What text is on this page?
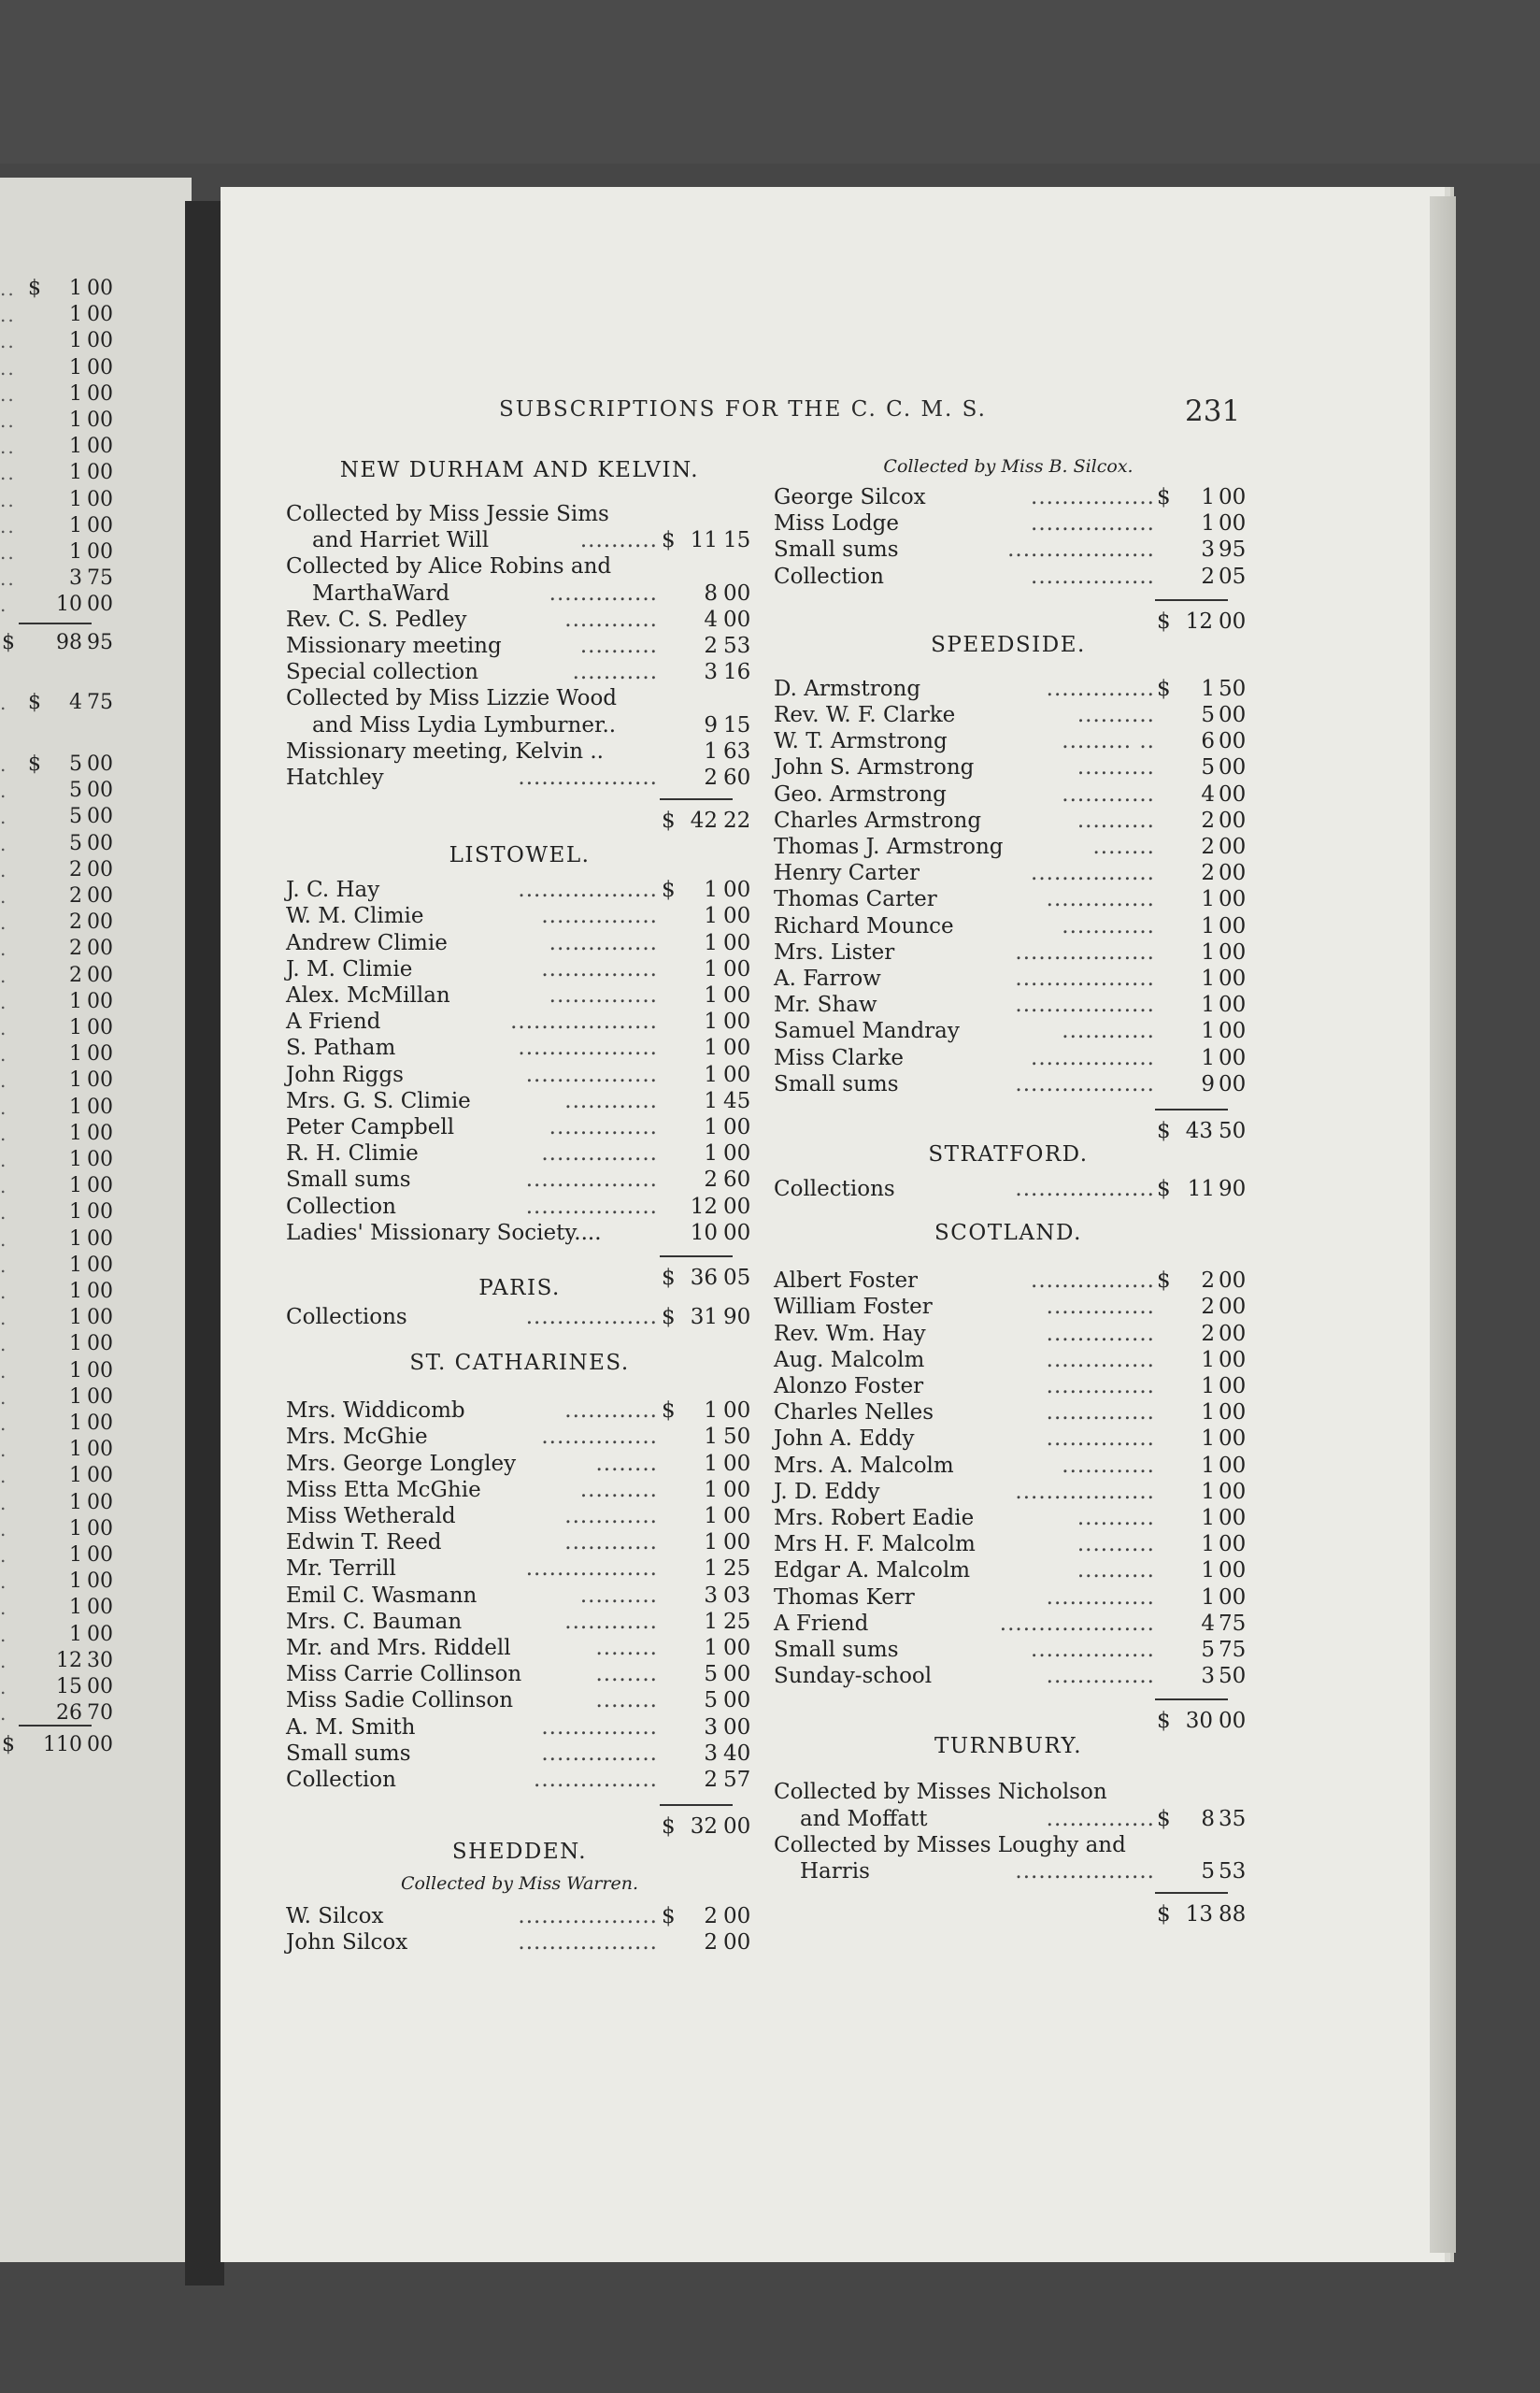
.. $ 1 00
..	1 00
..	1 00
..	1 00
..	1 00
..	1 00
..	1 00
..	1 00
..	1 00
..	1 00
..	1 00
..	3 75
. 10 00
$ 98 95
. $ 4 75
. $ 5 00
.	5 00
.	5 00
.	5 00
.	2 00
.	2 00
.	2 00
.	2 00
.	2 00
.	1 00
.	1 00
.	1 00
.	1 00
.	1 00
.	1 00
.	1 00
.	1 00
.	1 00
.	1 00
.	1 00
.	1 00
.	1 00
.	1 00
.	1 00
.	1 00
.	1 00
.	1 00
.	1 00
.	1 00
.	1 00
.	1 00
.	1 00
.	1 00
.	1 00
. 12 30
. 15 00
. 26 70
$ 110 00
SUBSCRIPTIONS FOR THE C. C. M. S.	231
NEW DURHAM AND KELVIN.
Collected by Miss Jessie Sims
and Harriet Will	.......... $ 11 15
Collected by Alice Robins and
MarthaWard	.............. 8 00
Rev. C. S. Pedley	............ 4 00
Missionary meeting	.......... 2 53
Special collection	........... 3 16
Collected by Miss Lizzie Wood
and Miss Lydia Lymburner..	9 15
Missionary meeting, Kelvin ..	1 63
Hatchley	.................. 2 60
$ 42 22
LISTOWEL.
J. C. Hay	.................. $ 1 00
W. M. Climie	............... 1 00
Andrew Climie	.............. 1 00
J. M. Climie	............... 1 00
Alex. McMillan	.............. 1 00
A Friend	................... 1 00
S. Patham	.................. 1 00
John Riggs	................. 1 00
Mrs. G. S. Climie	............ 1 45
Peter Campbell	.............. 1 00
R. H. Climie	............... 1 00
Small sums	................. 2 60
Collection	................. 12 00
Ladies' Missionary Society....	10 00
$ 36 05
PARIS.
Collections	................. $ 31 90
ST. CATHARINES.
Mrs. Widdicomb	............ $ 1 00
Mrs. McGhie	............... 1 50
Mrs. George Longley	........ 1 00
Miss Etta McGhie	.......... 1 00
Miss Wetherald	............ 1 00
Edwin T. Reed	............ 1 00
Mr. Terrill	................. 1 25
Emil C. Wasmann	.......... 3 03
Mrs. C. Bauman	............ 1 25
Mr. and Mrs. Riddell	........ 1 00
Miss Carrie Collinson	........ 5 00
Miss Sadie Collinson	........ 5 00
A. M. Smith	............... 3 00
Small sums	............... 3 40
Collection	................ 2 57
$ 32 00
SHEDDEN.
Collected by Miss Warren.
W. Silcox	.................. $ 2 00
John Silcox	.................. 2 00
Collected by Miss B. Silcox.
George Silcox	................ $ 1 00
Miss Lodge	................ 1 00
Small sums	................... 3 95
Collection	................ 2 05
$ 12 00
SPEEDSIDE.
D. Armstrong	.............. $ 1 50
Rev. W. F. Clarke	.......... 5 00
W. T. Armstrong	......... .. 6 00
John S. Armstrong	.......... 5 00
Geo. Armstrong	............ 4 00
Charles Armstrong	.......... 2 00
Thomas J. Armstrong	........ 2 00
Henry Carter	................ 2 00
Thomas Carter	.............. 1 00
Richard Mounce	............ 1 00
Mrs. Lister	.................. 1 00
A. Farrow	.................. 1 00
Mr. Shaw	.................. 1 00
Samuel Mandray	............ 1 00
Miss Clarke	................ 1 00
Small sums	.................. 9 00
$ 43 50
STRATFORD.
Collections	.................. $ 11 90
SCOTLAND.
Albert Foster	................ $ 2 00
William Foster	.............. 2 00
Rev. Wm. Hay	.............. 2 00
Aug. Malcolm	.............. 1 00
Alonzo Foster	.............. 1 00
Charles Nelles	.............. 1 00
John A. Eddy	.............. 1 00
Mrs. A. Malcolm	............ 1 00
J. D. Eddy	.................. 1 00
Mrs. Robert Eadie	.......... 1 00
Mrs H. F. Malcolm	.......... 1 00
Edgar A. Malcolm	.......... 1 00
Thomas Kerr	.............. 1 00
A Friend	.................... 4 75
Small sums	................ 5 75
Sunday-school	.............. 3 50
$ 30 00
TURNBURY.
Collected by Misses Nicholson
and Moffatt	.............. $ 8 35
Collected by Misses Loughy and
Harris	.................. 5 53
$ 13 88
